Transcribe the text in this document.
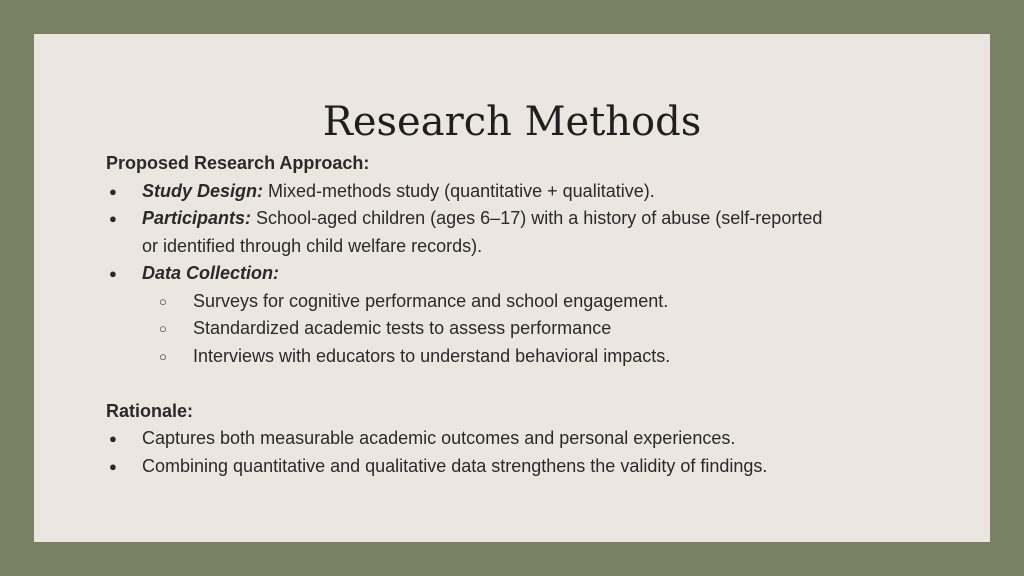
Research Methods
Proposed Research Approach:
● Study Design: Mixed-methods study (quantitative + qualitative).
● Participants: School-aged children (ages 6–17) with a history of abuse (self-reported
or identified through child welfare records).
● Data Collection:
○ Surveys for cognitive performance and school engagement.
○ Standardized academic tests to assess performance
○ Interviews with educators to understand behavioral impacts.
Rationale:
● Captures both measurable academic outcomes and personal experiences.
● Combining quantitative and qualitative data strengthens the validity of findings.
